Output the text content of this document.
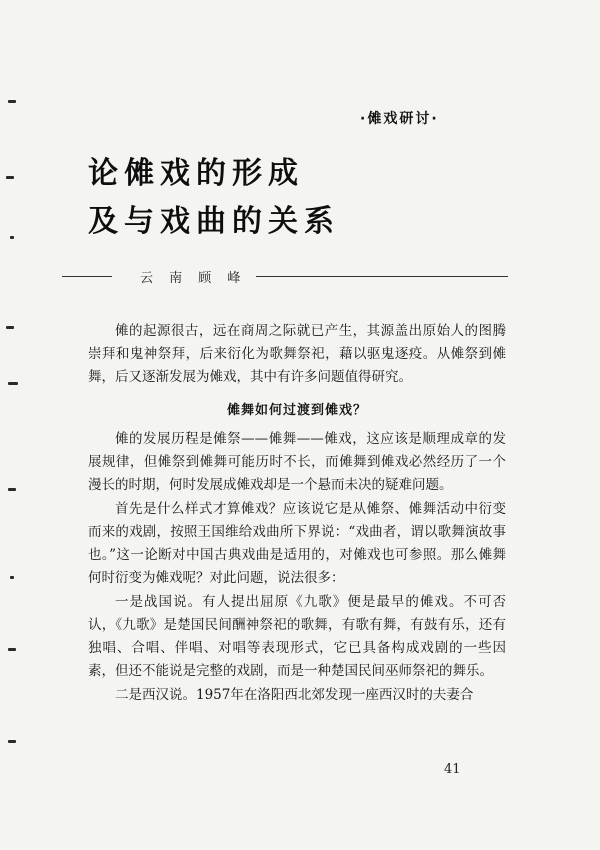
·傩戏研讨·
论傩戏的形成
及与戏曲的关系
云 南 顾 峰

傩的起源很古，远在商周之际就已产生，其源盖出原始人的图腾崇拜和鬼神祭拜，后来衍化为歌舞祭祀，藉以驱鬼逐疫。从傩祭到傩舞，后又逐渐发展为傩戏，其中有许多问题值得研究。

傩舞如何过渡到傩戏？

傩的发展历程是傩祭——傩舞——傩戏，这应该是顺理成章的发展规律，但傩祭到傩舞可能历时不长，而傩舞到傩戏必然经历了一个漫长的时期，何时发展成傩戏却是一个悬而未决的疑难问题。

首先是什么样式才算傩戏？应该说它是从傩祭、傩舞活动中衍变而来的戏剧，按照王国维给戏曲所下界说：“戏曲者，谓以歌舞演故事也。”这一论断对中国古典戏曲是适用的，对傩戏也可参照。那么傩舞何时衍变为傩戏呢？对此问题，说法很多：

一是战国说。有人提出屈原《九歌》便是最早的傩戏。不可否认，《九歌》是楚国民间酬神祭祀的歌舞，有歌有舞，有鼓有乐，还有独唱、合唱、伴唱、对唱等表现形式，它已具备构成戏剧的一些因素，但还不能说是完整的戏剧，而是一种楚国民间巫师祭祀的舞乐。

二是西汉说。1957年在洛阳西北郊发现一座西汉时的夫妻合

41
